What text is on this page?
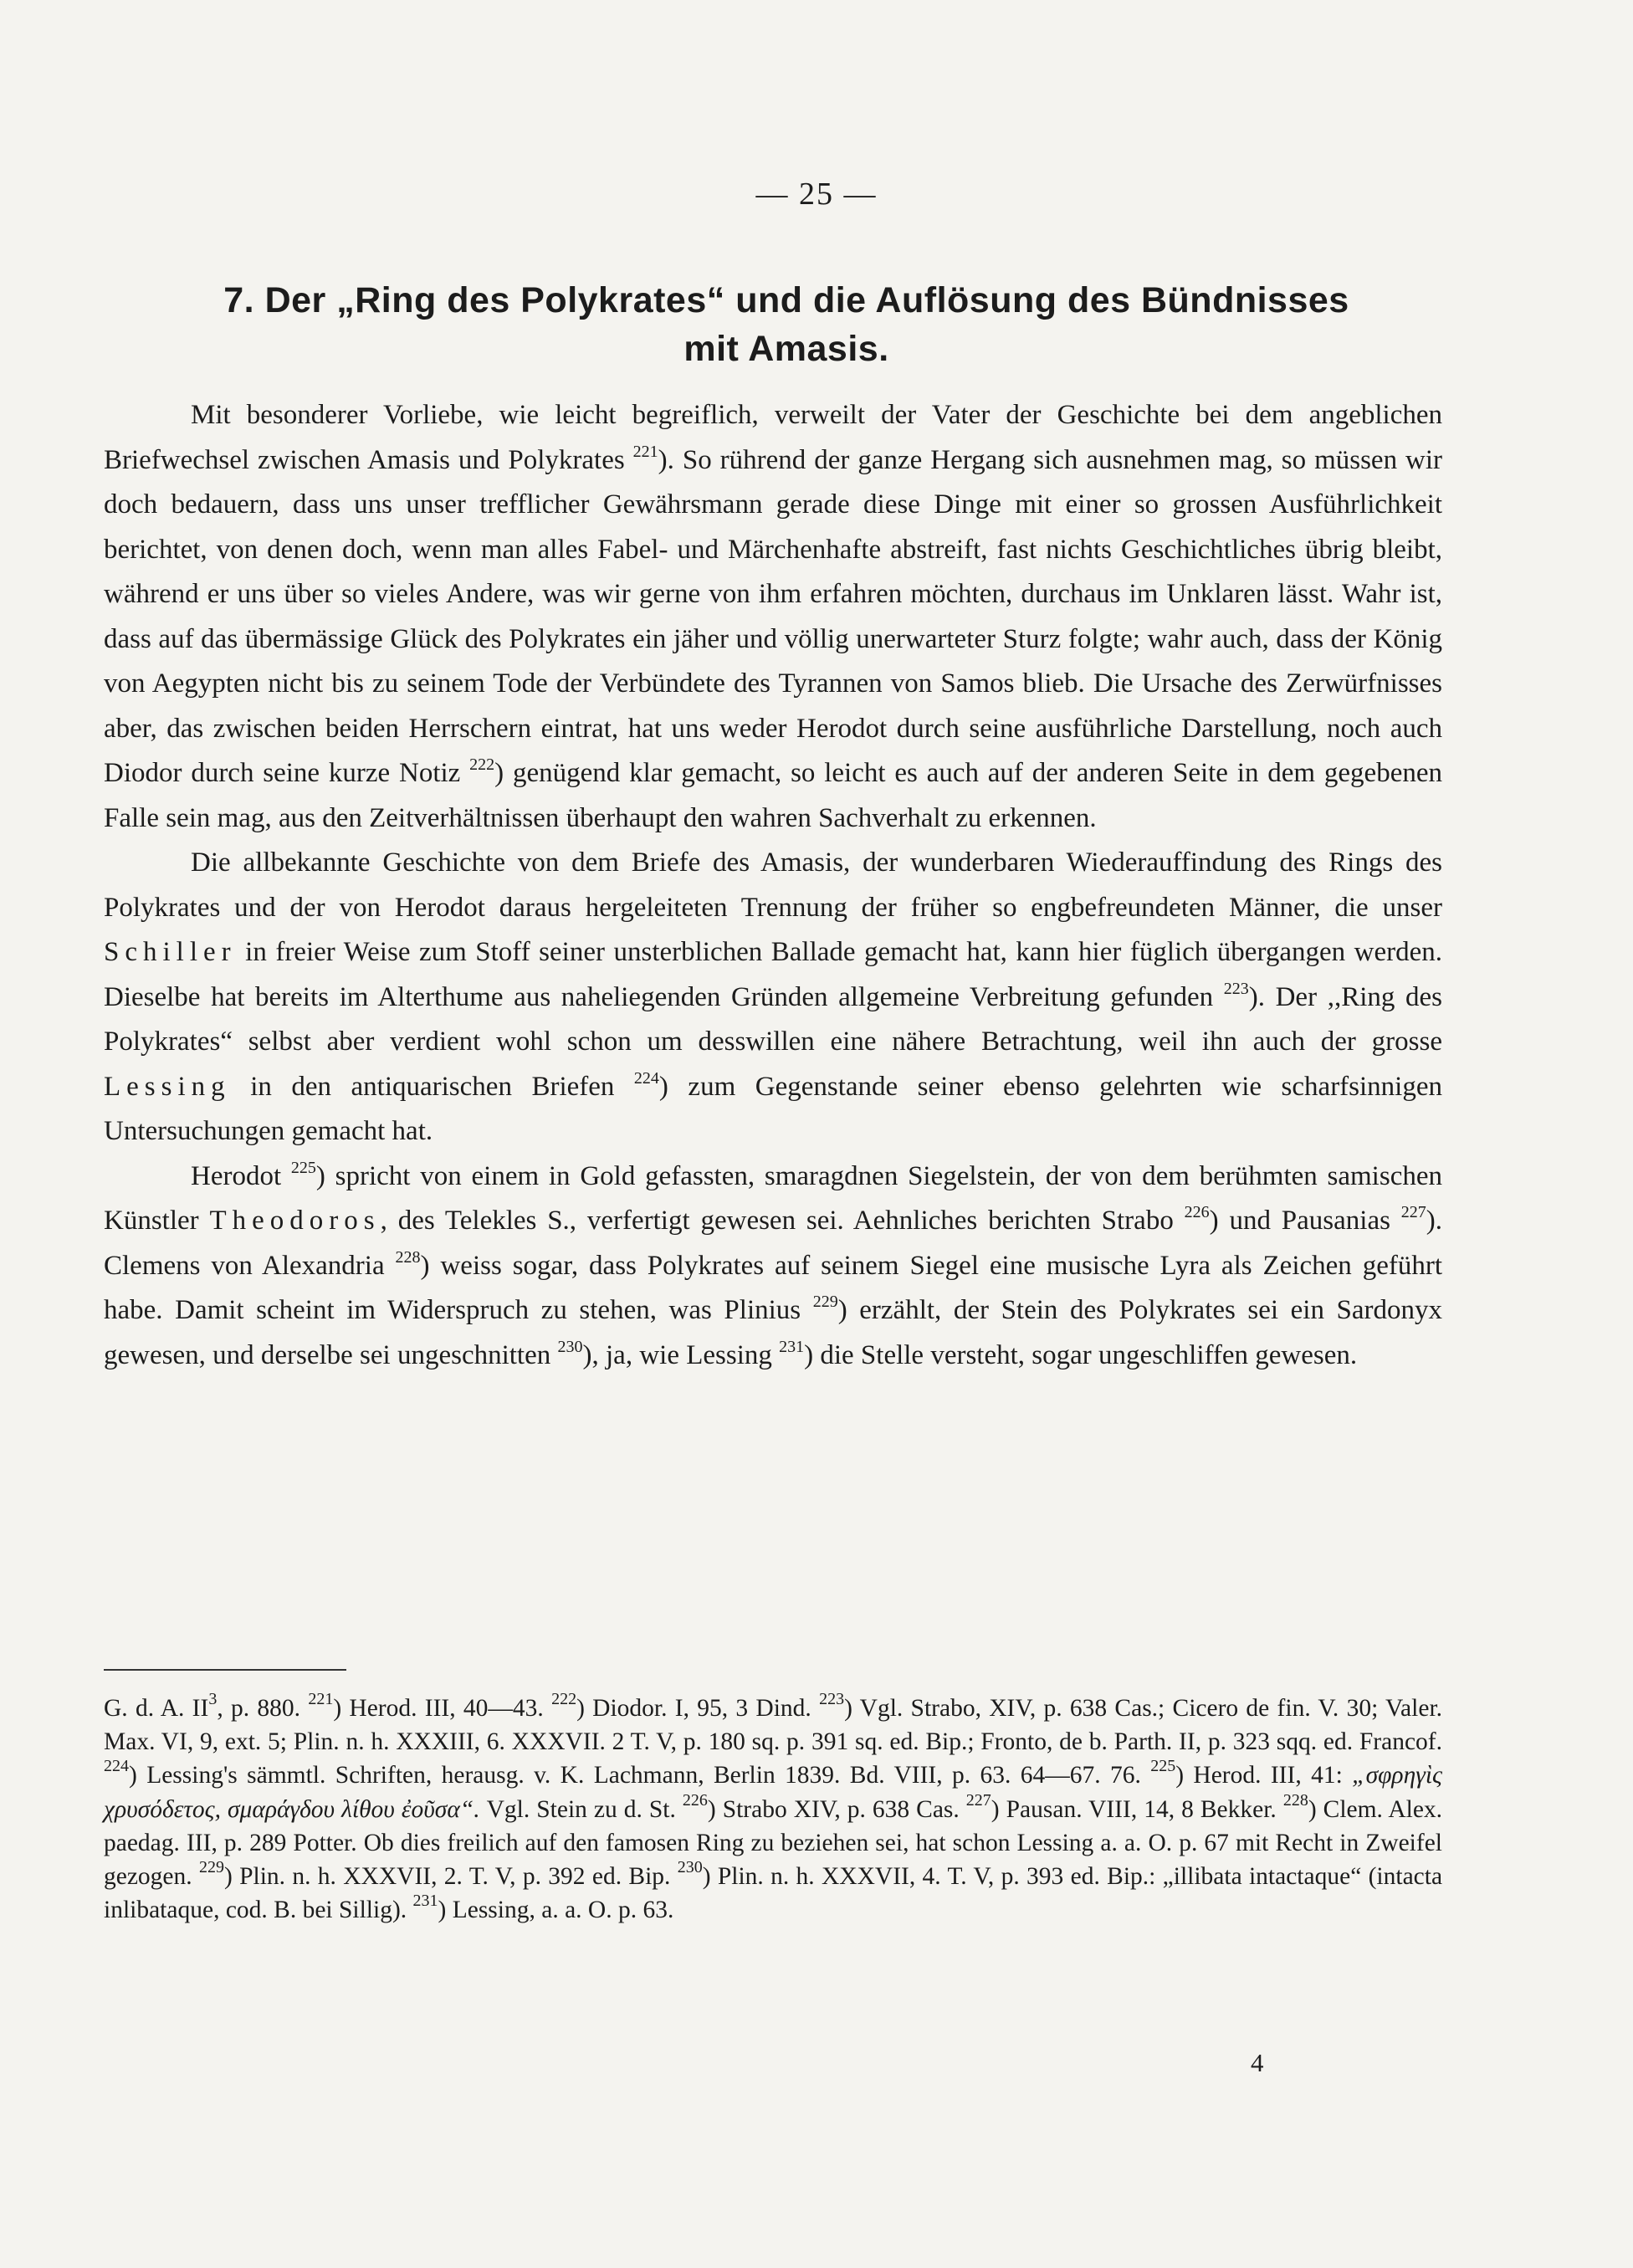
— 25 —
7. Der „Ring des Polykrates“ und die Auflösung des Bündnisses
mit Amasis.

Mit besonderer Vorliebe, wie leicht begreiflich, verweilt der Vater der Geschichte bei dem angeblichen Briefwechsel zwischen Amasis und Polykrates $^{221}$). So rührend der ganze Hergang sich ausnehmen mag, so müssen wir doch bedauern, dass uns unser trefflicher Gewährsmann gerade diese Dinge mit einer so grossen Ausführlichkeit berichtet, von denen doch, wenn man alles Fabel- und Märchenhafte abstreift, fast nichts Geschichtliches übrig bleibt, während er uns über so vieles Andere, was wir gerne von ihm erfahren möchten, durchaus im Unklaren lässt. Wahr ist, dass auf das übermässige Glück des Polykrates ein jäher und völlig unerwarteter Sturz folgte; wahr auch, dass der König von Aegypten nicht bis zu seinem Tode der Verbündete des Tyrannen von Samos blieb. Die Ursache des Zerwürfnisses aber, das zwischen beiden Herrschern eintrat, hat uns weder Herodot durch seine ausführliche Darstellung, noch auch Diodor durch seine kurze Notiz $^{222}$) genügend klar gemacht, so leicht es auch auf der anderen Seite in dem gegebenen Falle sein mag, aus den Zeitverhältnissen überhaupt den wahren Sachverhalt zu erkennen.

Die allbekannte Geschichte von dem Briefe des Amasis, der wunderbaren Wiederauffindung des Rings des Polykrates und der von Herodot daraus hergeleiteten Trennung der früher so engbefreundeten Männer, die unser Schiller in freier Weise zum Stoff seiner unsterblichen Ballade gemacht hat, kann hier füglich übergangen werden. Dieselbe hat bereits im Alterthume aus naheliegenden Gründen allgemeine Verbreitung gefunden $^{223}$). Der ,,Ring des Polykrates“ selbst aber verdient wohl schon um desswillen eine nähere Betrachtung, weil ihn auch der grosse Lessing in den antiquarischen Briefen $^{224}$) zum Gegenstande seiner ebenso gelehrten wie scharfsinnigen Untersuchungen gemacht hat.

Herodot $^{225}$) spricht von einem in Gold gefassten, smaragdnen Siegelstein, der von dem berühmten samischen Künstler Theodoros, des Telekles S., verfertigt gewesen sei. Aehnliches berichten Strabo $^{226}$) und Pausanias $^{227}$). Clemens von Alexandria $^{228}$) weiss sogar, dass Polykrates auf seinem Siegel eine musische Lyra als Zeichen geführt habe. Damit scheint im Widerspruch zu stehen, was Plinius $^{229}$) erzählt, der Stein des Polykrates sei ein Sardonyx gewesen, und derselbe sei ungeschnitten $^{230}$), ja, wie Lessing $^{231}$) die Stelle versteht, sogar ungeschliffen gewesen.

G. d. A. $II^3$, p. 880. $^{221}$) Herod. III, 40—43. $^{222}$) Diodor. I, 95, 3 Dind. $^{223}$) Vgl. Strabo, XIV, p. 638 Cas.; Cicero de fin. V. 30; Valer. Max. VI, 9, ext. 5; Plin. n. h. XXXIII, 6. XXXVII. 2 T. V, p. 180 sq. p. 391 sq. ed. Bip.; Fronto, de b. Parth. II, p. 323 sqq. ed. Francof. $^{224}$) Lessing's sämmtl. Schriften, herausg. v. K. Lachmann, Berlin 1839. Bd. VIII, p. 63. 64—67. 76. $^{225}$) Herod. III, 41: „σφρηγὶς χρυσόδετος, σμαράγδου λίθου ἐοῦσα“. Vgl. Stein zu d. St. $^{226}$) Strabo XIV, p. 638 Cas. $^{227}$) Pausan. VIII, 14, 8 Bekker. $^{228}$) Clem. Alex. paedag. III, p. 289 Potter. Ob dies freilich auf den famosen Ring zu beziehen sei, hat schon Lessing a. a. O. p. 67 mit Recht in Zweifel gezogen. $^{229}$) Plin. n. h. XXXVII, 2. T. V, p. 392 ed. Bip. $^{230}$) Plin. n. h. XXXVII, 4. T. V, p. 393 ed. Bip.: „illibata intactaque“ (intacta inlibataque, cod. B. bei Sillig). $^{231}$) Lessing, a. a. O. p. 63.
4
